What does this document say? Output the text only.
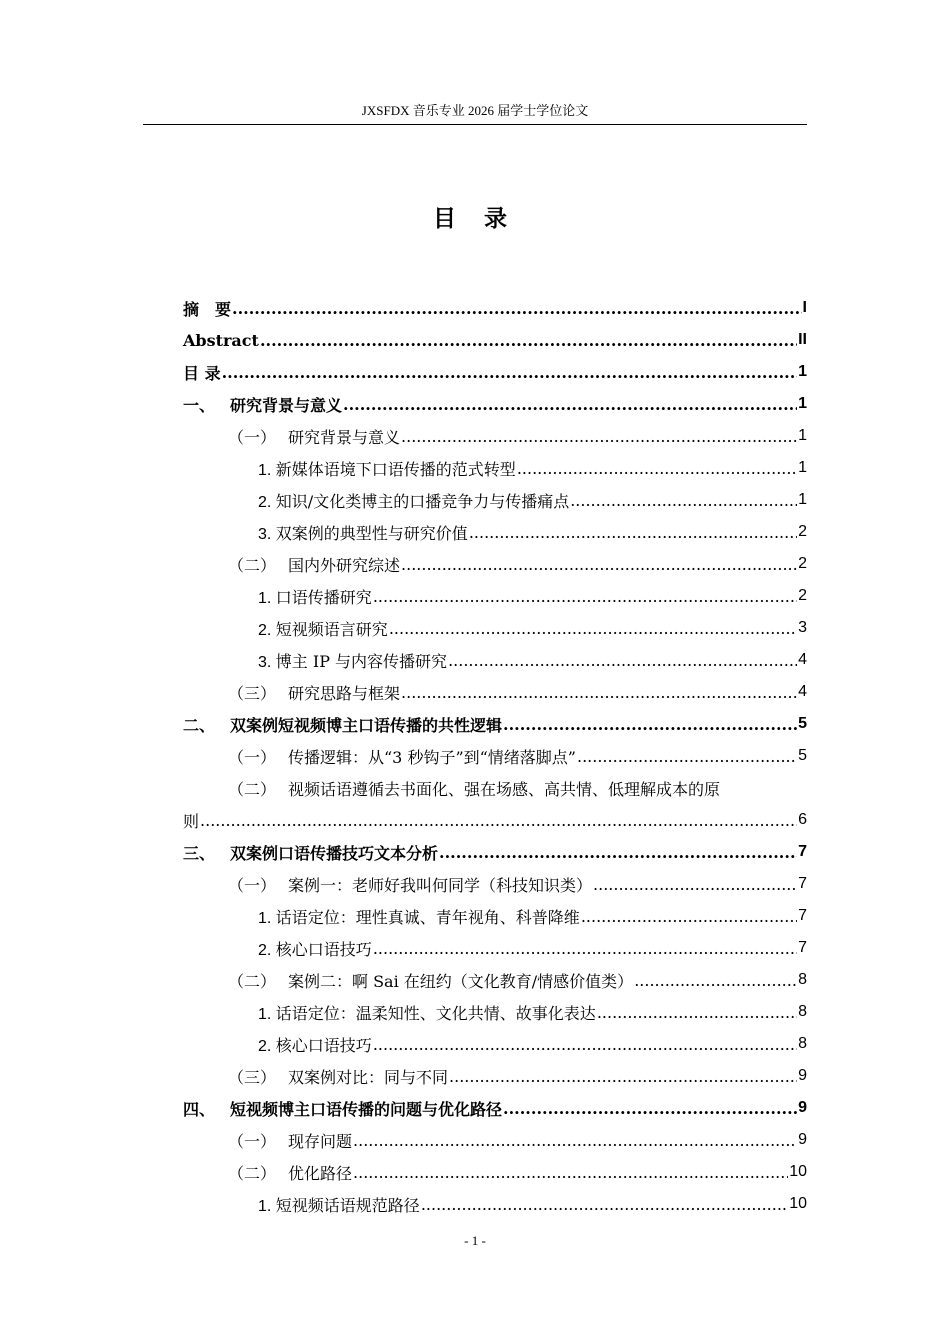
JXSFDX 音乐专业 2026 届学士学位论文
目 录
摘　要 .....	I
Abstract .....	II
目 录 .....	1
一、 研究背景与意义 .....	1
（一） 研究背景与意义 .....	1
1. 新媒体语境下口语传播的范式转型 .....	1
2. 知识/文化类博主的口播竞争力与传播痛点 .....	1
3. 双案例的典型性与研究价值 .....	2
（二） 国内外研究综述 .....	2
1. 口语传播研究 .....	2
2. 短视频语言研究 .....	3
3. 博主 IP 与内容传播研究 .....	4
（三） 研究思路与框架 .....	4
二、 双案例短视频博主口语传播的共性逻辑 .....	5
（一） 传播逻辑：从“3 秒钩子”到“情绪落脚点” .....	5
（二） 视频话语遵循去书面化、强在场感、高共情、低理解成本的原
则 .....	6
三、 双案例口语传播技巧文本分析 .....	7
（一） 案例一：老师好我叫何同学（科技知识类） .....	7
1. 话语定位：理性真诚、青年视角、科普降维 .....	7
2. 核心口语技巧 .....	7
（二） 案例二：啊 Sai 在纽约（文化教育/情感价值类） .....	8
1. 话语定位：温柔知性、文化共情、故事化表达 .....	8
2. 核心口语技巧 .....	8
（三） 双案例对比：同与不同 .....	9
四、 短视频博主口语传播的问题与优化路径 .....	9
（一） 现存问题 .....	9
（二） 优化路径 .....	10
1. 短视频话语规范路径 .....	10
- 1 -
